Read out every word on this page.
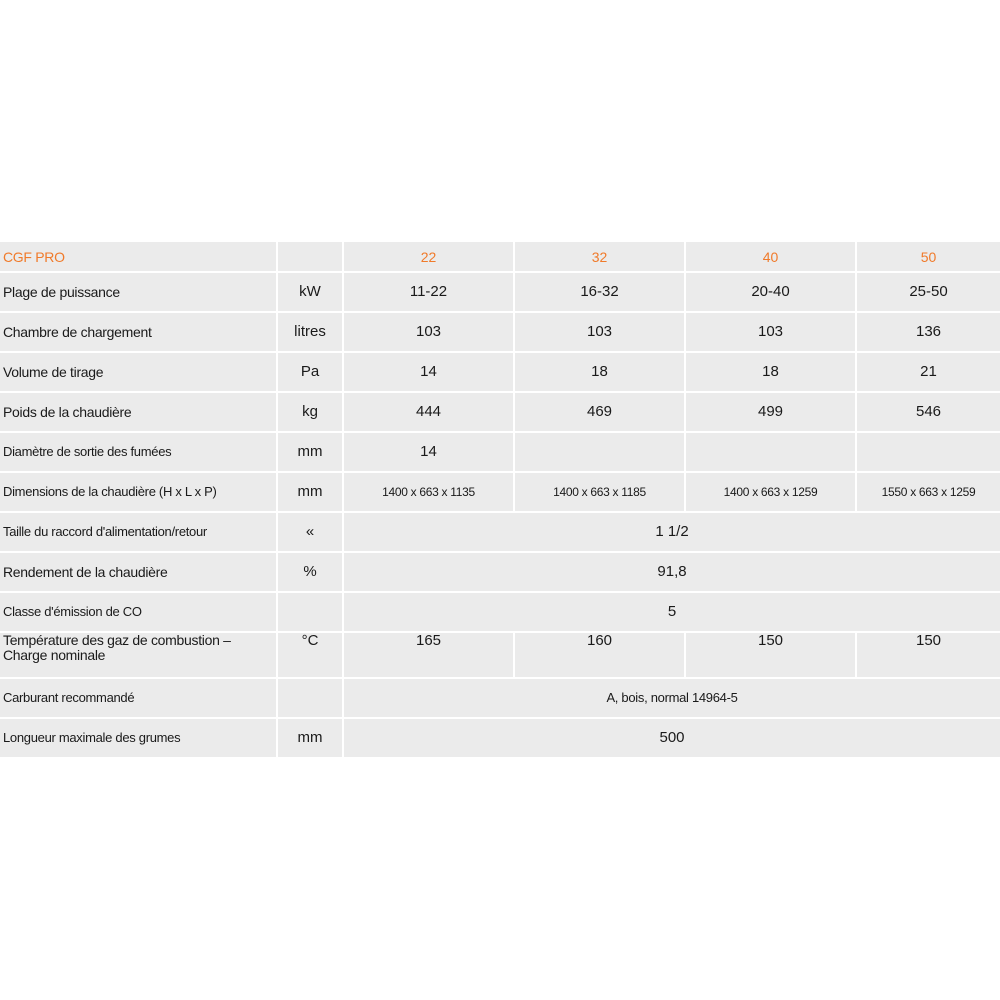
CGF PRO		22	32	40	50
Plage de puissance	kW	11-22	16-32	20-40	25-50
Chambre de chargement	litres	103	103	103	136
Volume de tirage	Pa	14	18	18	21
Poids de la chaudière	kg	444	469	499	546
Diamètre de sortie des fumées	mm	14			
Dimensions de la chaudière (H x L x P)	mm	1400 x 663 x 1135	1400 x 663 x 1185	1400 x 663 x 1259	1550 x 663 x 1259
Taille du raccord d'alimentation/retour	«	1 1/2			
Rendement de la chaudière	%	91,8			
Classe d'émission de CO		5			
Température des gaz de combustion – Charge nominale	°C	165	160	150	150
Carburant recommandé		A, bois, normal 14964-5			
Longueur maximale des grumes	mm	500			
